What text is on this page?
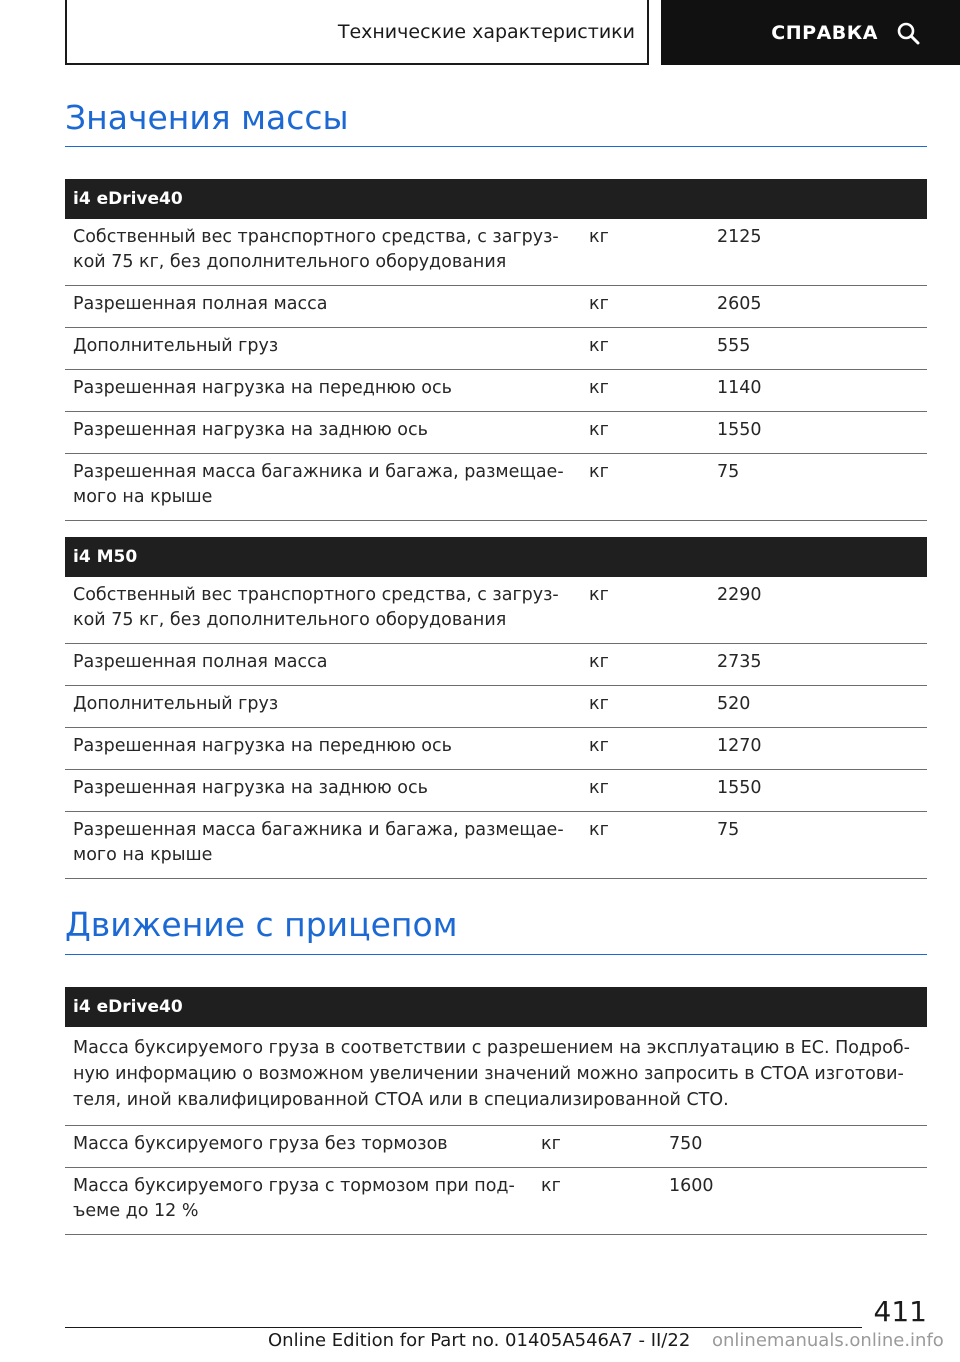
Технические характеристики	СПРАВКА
Значения массы
i4 eDrive40
Собственный вес транспортного средства, с загруз-
кой 75 кг, без дополнительного оборудования
кг	2125
Разрешенная полная масса	кг	2605
Дополнительный груз	кг	555
Разрешенная нагрузка на переднюю ось	кг	1140
Разрешенная нагрузка на заднюю ось	кг	1550
Разрешенная масса багажника и багажа, размещае-
мого на крыше
кг	75
i4 M50
Собственный вес транспортного средства, с загруз-
кой 75 кг, без дополнительного оборудования
кг	2290
Разрешенная полная масса	кг	2735
Дополнительный груз	кг	520
Разрешенная нагрузка на переднюю ось	кг	1270
Разрешенная нагрузка на заднюю ось	кг	1550
Разрешенная масса багажника и багажа, размещае-
мого на крыше
кг	75
Движение с прицепом
i4 eDrive40
Масса буксируемого груза в соответствии с разрешением на эксплуатацию в ЕС. Подроб-
ную информацию о возможном увеличении значений можно запросить в СТОА изготови-
теля, иной квалифицированной СТОА или в специализированной СТО.
Масса буксируемого груза без тормозов	кг	750
Масса буксируемого груза с тормозом при под-
ъеме до 12 %
кг	1600
411
Online Edition for Part no. 01405A546A7 - II/22 onlinemanuals.online.info
